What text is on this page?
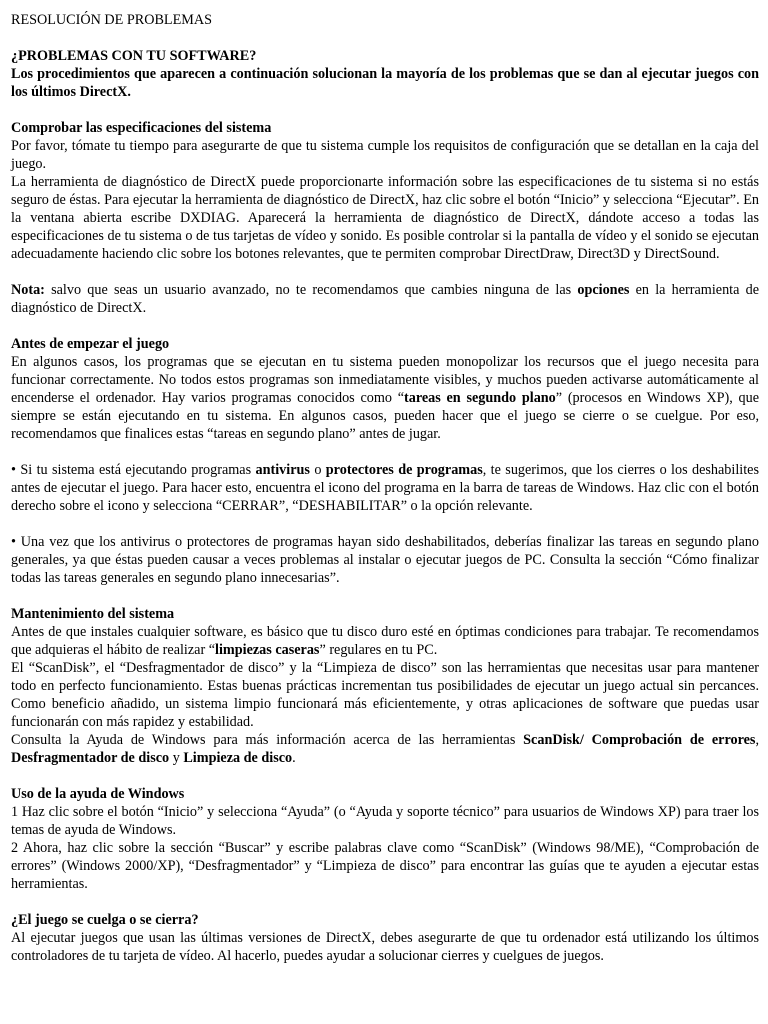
RESOLUCIÓN DE PROBLEMAS

¿PROBLEMAS CON TU SOFTWARE?

Los procedimientos que aparecen a continuación solucionan la mayoría de los problemas que se dan al ejecutar juegos con los últimos DirectX.

Comprobar las especificaciones del sistema

Por favor, tómate tu tiempo para asegurarte de que tu sistema cumple los requisitos de configuración que se detallan en la caja del juego.

La herramienta de diagnóstico de DirectX puede proporcionarte información sobre las especificaciones de tu sistema si no estás seguro de éstas. Para ejecutar la herramienta de diagnóstico de DirectX, haz clic sobre el botón “Inicio” y selecciona “Ejecutar”. En la ventana abierta escribe DXDIAG. Aparecerá la herramienta de diagnóstico de DirectX, dándote acceso a todas las especificaciones de tu sistema o de tus tarjetas de vídeo y sonido. Es posible controlar si la pantalla de vídeo y el sonido se ejecutan adecuadamente haciendo clic sobre los botones relevantes, que te permiten comprobar DirectDraw, Direct3D y DirectSound.

Nota: salvo que seas un usuario avanzado, no te recomendamos que cambies ninguna de las opciones en la herramienta de diagnóstico de DirectX.

Antes de empezar el juego

En algunos casos, los programas que se ejecutan en tu sistema pueden monopolizar los recursos que el juego necesita para funcionar correctamente. No todos estos programas son inmediatamente visibles, y muchos pueden activarse automáticamente al encenderse el ordenador. Hay varios programas conocidos como “tareas en segundo plano” (procesos en Windows XP), que siempre se están ejecutando en tu sistema. En algunos casos, pueden hacer que el juego se cierre o se cuelgue. Por eso, recomendamos que finalices estas “tareas en segundo plano” antes de jugar.

• Si tu sistema está ejecutando programas antivirus o protectores de programas, te sugerimos, que los cierres o los deshabilites antes de ejecutar el juego. Para hacer esto, encuentra el icono del programa en la barra de tareas de Windows. Haz clic con el botón derecho sobre el icono y selecciona “CERRAR”, “DESHABILITAR” o la opción relevante.

• Una vez que los antivirus o protectores de programas hayan sido deshabilitados, deberías finalizar las tareas en segundo plano generales, ya que éstas pueden causar a veces problemas al instalar o ejecutar juegos de PC. Consulta la sección “Cómo finalizar todas las tareas generales en segundo plano innecesarias”.

Mantenimiento del sistema

Antes de que instales cualquier software, es básico que tu disco duro esté en óptimas condiciones para trabajar. Te recomendamos que adquieras el hábito de realizar “limpiezas caseras” regulares en tu PC.

El “ScanDisk”, el “Desfragmentador de disco” y la “Limpieza de disco” son las herramientas que necesitas usar para mantener todo en perfecto funcionamiento. Estas buenas prácticas incrementan tus posibilidades de ejecutar un juego actual sin percances. Como beneficio añadido, un sistema limpio funcionará más eficientemente, y otras aplicaciones de software que puedas usar funcionarán con más rapidez y estabilidad.

Consulta la Ayuda de Windows para más información acerca de las herramientas ScanDisk/ Comprobación de errores, Desfragmentador de disco y Limpieza de disco.

Uso de la ayuda de Windows

1 Haz clic sobre el botón “Inicio” y selecciona “Ayuda” (o “Ayuda y soporte técnico” para usuarios de Windows XP) para traer los temas de ayuda de Windows.

2 Ahora, haz clic sobre la sección “Buscar” y escribe palabras clave como “ScanDisk” (Windows 98/ME), “Comprobación de errores” (Windows 2000/XP), “Desfragmentador” y “Limpieza de disco” para encontrar las guías que te ayuden a ejecutar estas herramientas.

¿El juego se cuelga o se cierra?

Al ejecutar juegos que usan las últimas versiones de DirectX, debes asegurarte de que tu ordenador está utilizando los últimos controladores de tu tarjeta de vídeo. Al hacerlo, puedes ayudar a solucionar cierres y cuelgues de juegos.
